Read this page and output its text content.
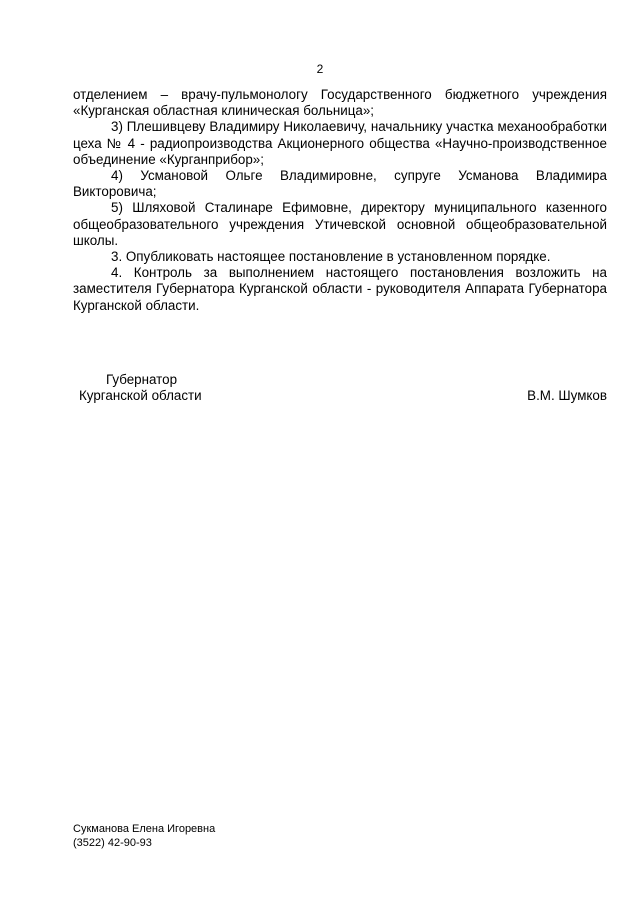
2

отделением – врачу-пульмонологу Государственного бюджетного учреждения «Курганская областная клиническая больница»;

3) Плешивцеву Владимиру Николаевичу, начальнику участка механообработки цеха № 4 - радиопроизводства Акционерного общества «Научно-производственное объединение «Курганприбор»;

4) Усмановой Ольге Владимировне, супруге Усманова Владимира Викторовича;

5) Шляховой Сталинаре Ефимовне, директору муниципального казенного общеобразовательного учреждения Утичевской основной общеобразовательной школы.

3. Опубликовать настоящее постановление в установленном порядке.

4. Контроль за выполнением настоящего постановления возложить на заместителя Губернатора Курганской области - руководителя Аппарата Губернатора Курганской области.

Губернатор
Курганской области	В.М. Шумков
Сукманова Елена Игоревна
(3522) 42-90-93
